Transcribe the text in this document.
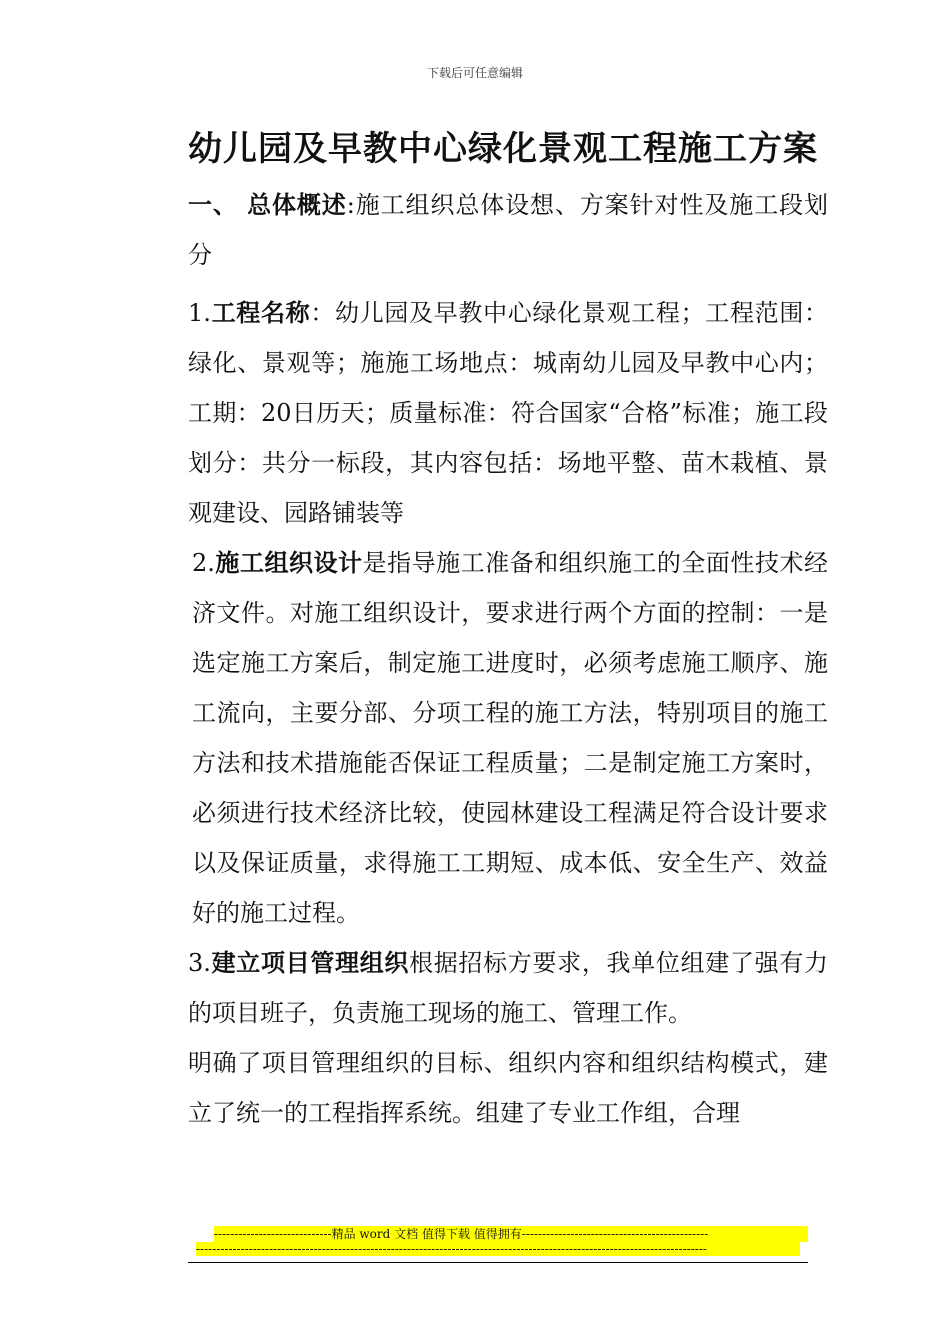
下载后可任意编辑
幼儿园及早教中心绿化景观工程施工方案

一、 总体概述:施工组织总体设想、方案针对性及施工段划分

1.工程名称：幼儿园及早教中心绿化景观工程；工程范围：绿化、景观等；施施工场地点：城南幼儿园及早教中心内；工期：20日历天；质量标准：符合国家“合格”标准；施工段划分：共分一标段，其内容包括：场地平整、苗木栽植、景观建设、园路铺装等

2.施工组织设计是指导施工准备和组织施工的全面性技术经济文件。对施工组织设计，要求进行两个方面的控制：一是选定施工方案后，制定施工进度时，必须考虑施工顺序、施工流向，主要分部、分项工程的施工方法，特别项目的施工方法和技术措施能否保证工程质量；二是制定施工方案时，必须进行技术经济比较，使园林建设工程满足符合设计要求以及保证质量，求得施工工期短、成本低、安全生产、效益好的施工过程。

3.建立项目管理组织根据招标方要求，我单位组建了强有力的项目班子，负责施工现场的施工、管理工作。

明确了项目管理组织的目标、组织内容和组织结构模式，建立了统一的工程指挥系统。组建了专业工作组，合理

-----------------------------精品 word 文档 值得下载 值得拥有----------------------------------------------
------------------------------------------------------------------------------------------------------------------------------
